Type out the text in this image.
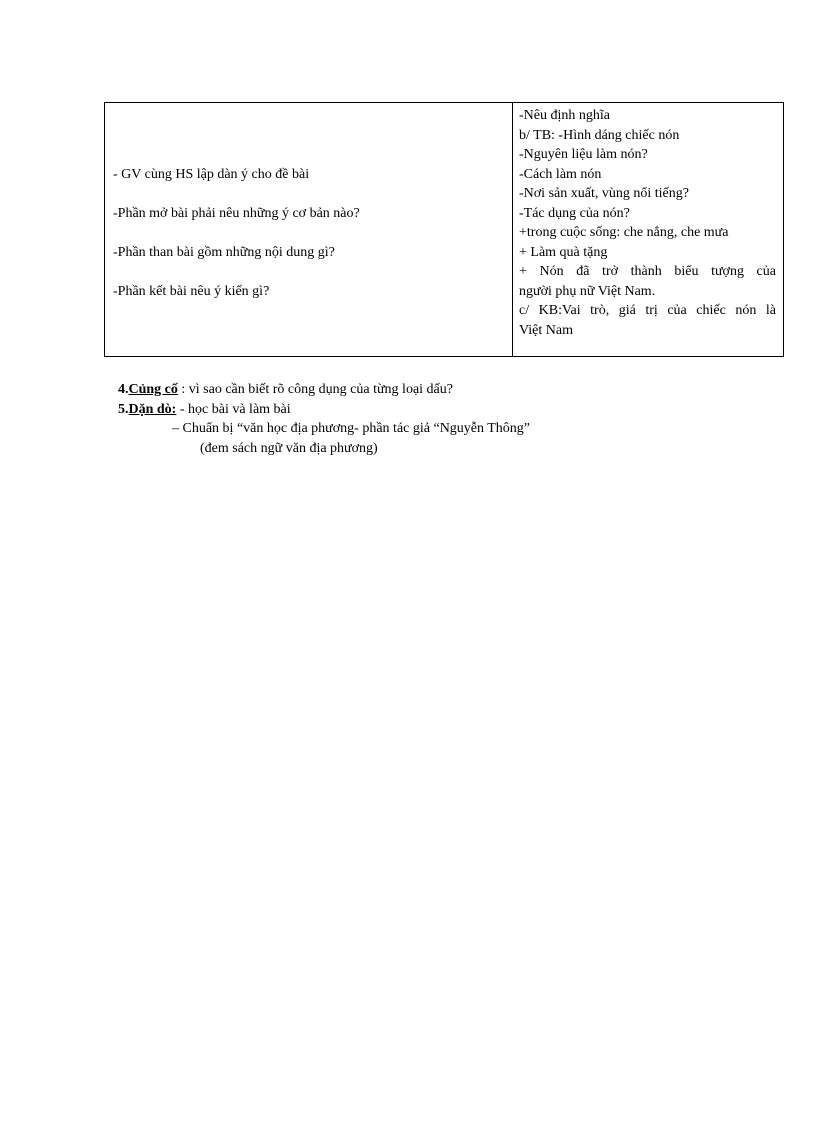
- GV cùng HS lập dàn ý cho đề bài

-Phần mở bài phải nêu những ý cơ bản nào?

-Phần than bài gồm những nội dung gì?

-Phần kết bài nêu ý kiến gì?

-Nêu định nghĩa

b/ TB: -Hình dáng chiếc nón

-Nguyên liệu làm nón?

-Cách làm nón

-Nơi sản xuất, vùng nổi tiếng?

-Tác dụng của nón?

+trong cuộc sống: che nắng, che mưa

+ Làm quà tặng

+ Nón đã trở thành biểu tượng của

người phụ nữ Việt Nam.

c/ KB:Vai trò, giá trị của chiếc nón là

Việt Nam

4.Củng cố : vì sao cần biết rõ công dụng của từng loại dấu?

5.Dặn dò: - học bài và làm bài

– Chuẩn bị “văn học địa phương- phần tác giả “Nguyễn Thông”

(đem sách ngữ văn địa phương)
